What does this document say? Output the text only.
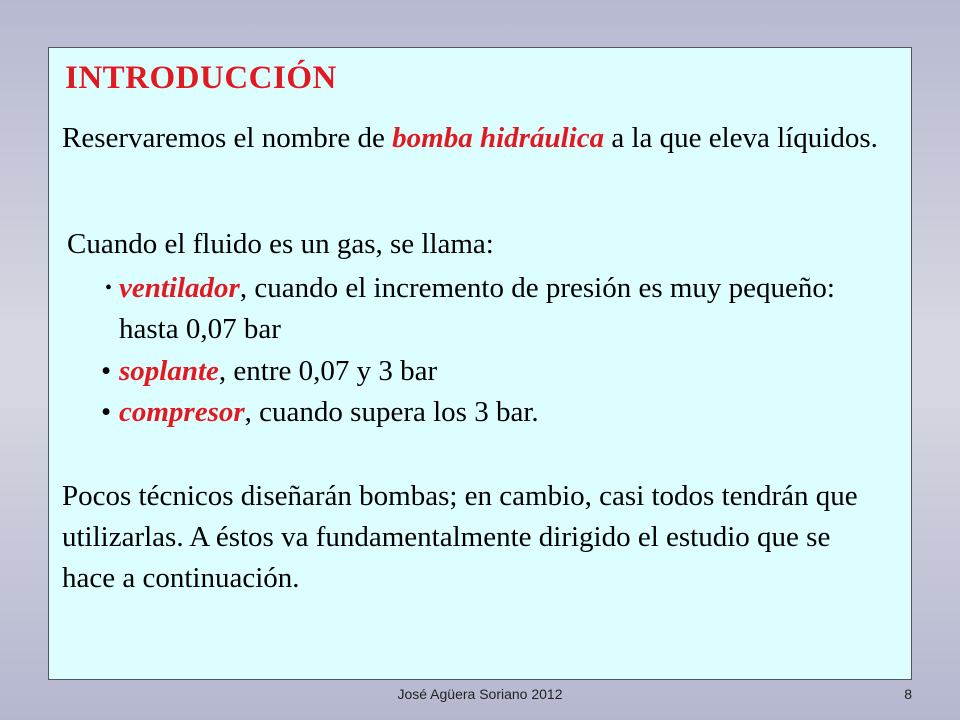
INTRODUCCIÓN

Reservaremos el nombre de bomba hidráulica a la que eleva líquidos.

Cuando el fluido es un gas, se llama:

• ventilador, cuando el incremento de presión es muy pequeño: hasta 0,07 bar
• soplante, entre 0,07 y 3 bar
• compresor, cuando supera los 3 bar.

Pocos técnicos diseñarán bombas; en cambio, casi todos tendrán que utilizarlas. A éstos va fundamentalmente dirigido el estudio que se hace a continuación.

José Agüera Soriano 2012	8
